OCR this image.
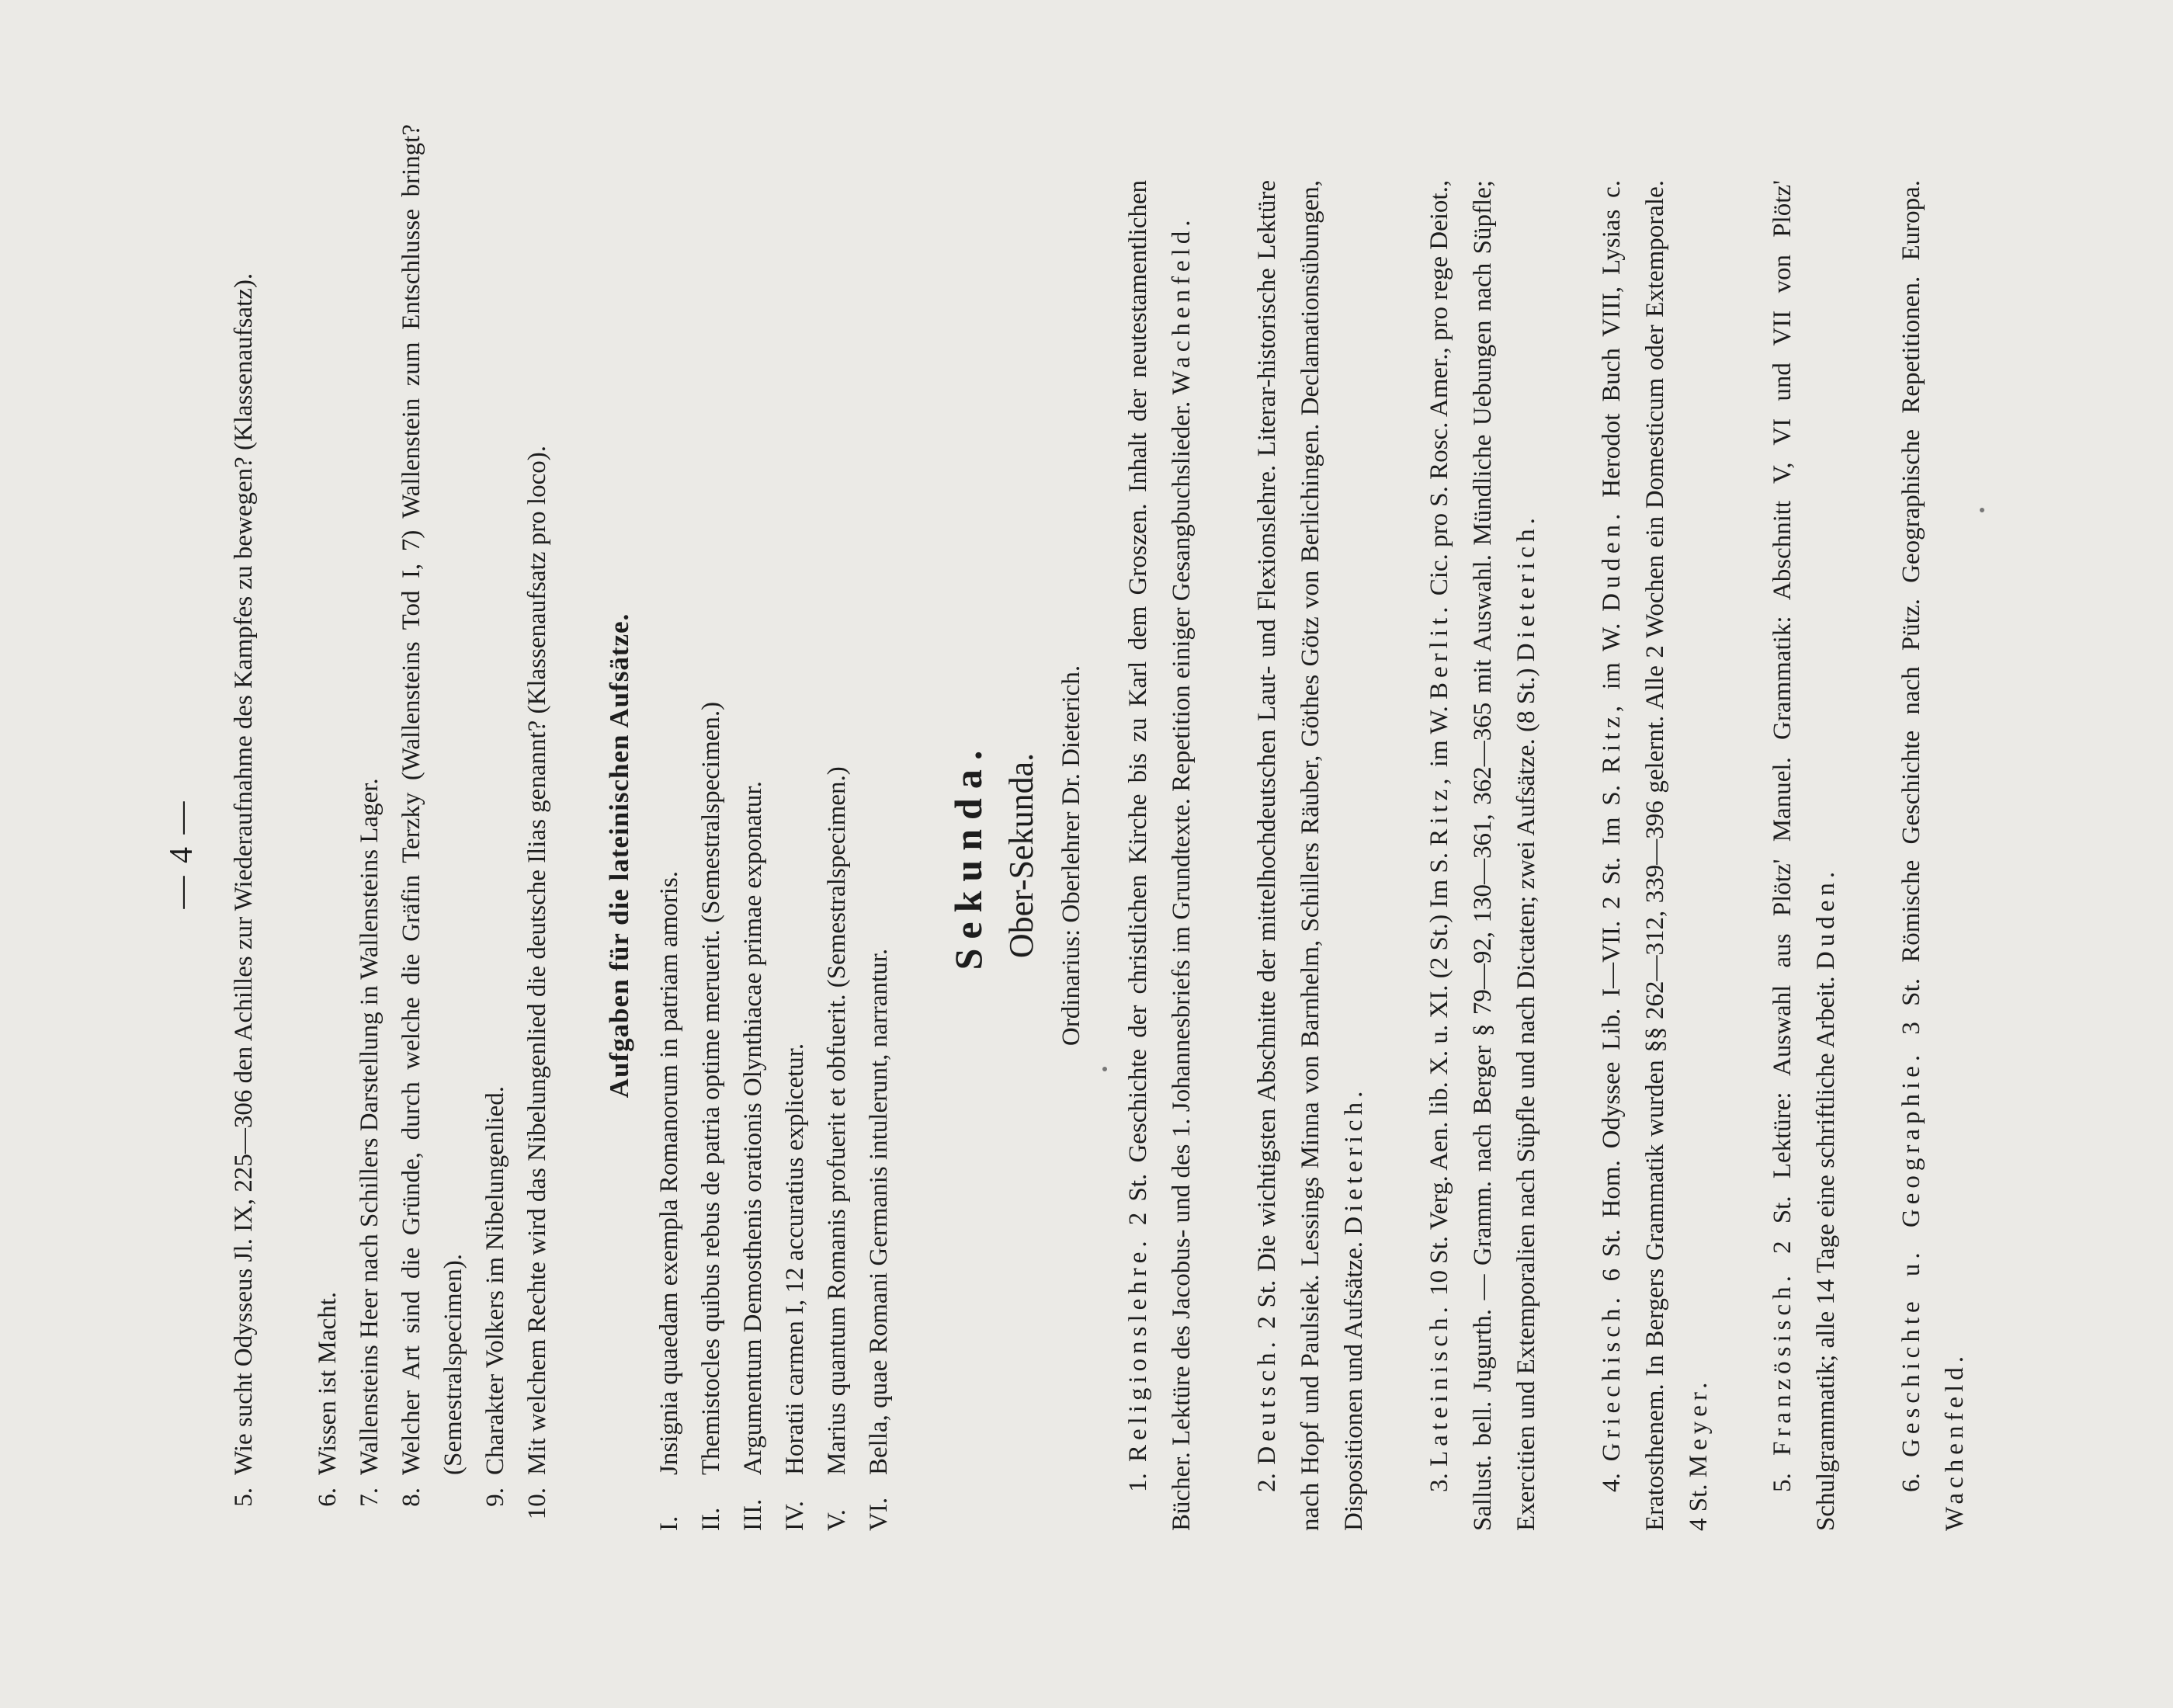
— 4 —
5.Wie sucht Odysseus Jl. IX, 225—306 den Achilles zur Wiederaufnahme des Kampfes zu bewegen? (Klassenaufsatz).
6.Wissen ist Macht.
7.Wallensteins Heer nach Schillers Darstellung in Wallensteins Lager.
8.Welcher Art sind die Gründe, durch welche die Gräfin Terzky (Wallensteins Tod I, 7) Wallenstein zum Entschlusse bringt? (Semestralspecimen).
9.Charakter Volkers im Nibelungenlied.
10.Mit welchem Rechte wird das Nibelungenlied die deutsche Ilias genannt? (Klassenaufsatz pro loco). Aufgaben für die lateinischen Aufsätze.
I.Jnsignia quaedam exempla Romanorum in patriam amoris.
II.Themistocles quibus rebus de patria optime meruerit. (Semestralspecimen.)
III.Argumentum Demosthenis orationis Olynthiacae primae exponatur.
IV.Horatii carmen I, 12 accuratius explicetur.
V.Marius quantum Romanis profuerit et obfuerit. (Semestralspecimen.)
VI.Bella, quae Romani Germanis intulerunt, narrantur.
Sekunda. Ober-Sekunda. Ordinarius: Oberlehrer Dr. Dieterich.

1. Religionslehre. 2 St. Geschichte der christlichen Kirche bis zu Karl dem Groszen. Inhalt der neutestamentlichen Bücher. Lektüre des Jacobus- und des 1. Johannesbriefs im Grundtexte. Repetition einiger Gesangbuchslieder. Wachenfeld.

2. Deutsch. 2 St. Die wichtigsten Abschnitte der mittelhochdeutschen Laut- und Flexionslehre. Literar-historische Lektüre nach Hopf und Paulsiek. Lessings Minna von Barnhelm, Schillers Räuber, Göthes Götz von Berlichingen. Declamationsübungen, Dispositionen und Aufsätze. Dieterich.

3. Lateinisch. 10 St. Verg. Aen. lib. X. u. XI. (2 St.) Im S. Ritz, im W. Berlit. Cic. pro S. Rosc. Amer., pro rege Deiot., Sallust. bell. Jugurth. — Gramm. nach Berger § 79—92, 130—361, 362—365 mit Auswahl. Mündliche Uebungen nach Süpfle; Exercitien und Extemporalien nach Süpfle und nach Dictaten; zwei Aufsätze. (8 St.) Dieterich.

4. Griechisch. 6 St. Hom. Odyssee Lib. I—VII. 2 St. Im S. Ritz, im W. Duden. Herodot Buch VIII, Lysias c. Eratosthenem. In Bergers Grammatik wurden §§ 262—312, 339—396 gelernt. Alle 2 Wochen ein Domesticum oder Extemporale. 4 St. Meyer.

5. Französisch. 2 St. Lektüre: Auswahl aus Plötz' Manuel. Grammatik: Abschnitt V, VI und VII von Plötz' Schulgrammatik; alle 14 Tage eine schriftliche Arbeit. Duden.

6. Geschichte u. Geographie. 3 St. Römische Geschichte nach Pütz. Geographische Repetitionen. Europa. Wachenfeld.
